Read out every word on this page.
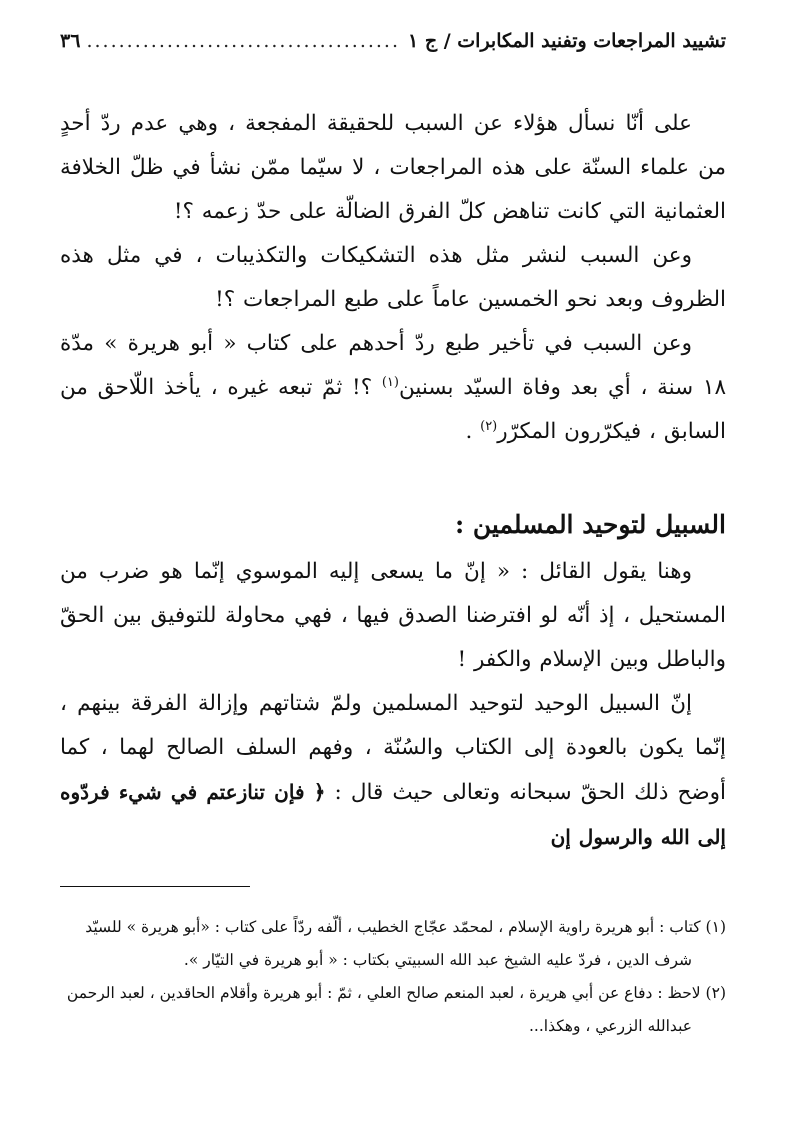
تشييد المراجعات وتفنيد المكابرات / ج ١
.....
٣٦

على أنّا نسأل هؤلاء عن السبب للحقيقة المفجعة ، وهي عدم ردّ أحدٍ من علماء السنّة على هذه المراجعات ، لا سيّما ممّن نشأ في ظلّ الخلافة العثمانية التي كانت تناهض كلّ الفرق الضالّة على حدّ زعمه ؟!

وعن السبب لنشر مثل هذه التشكيكات والتكذيبات ، في مثل هذه الظروف وبعد نحو الخمسين عاماً على طبع المراجعات ؟!

وعن السبب في تأخير طبع ردّ أحدهم على كتاب « أبو هريرة » مدّة ١٨ سنة ، أي بعد وفاة السيّد بسنين$^{(١)}$ ؟! ثمّ تبعه غيره ، يأخذ اللّاحق من السابق ، فيكرّرون المكرّر$^{(٢)}$ .

السبيل لتوحيد المسلمين :

وهنا يقول القائل : « إنّ ما يسعى إليه الموسوي إنّما هو ضرب من المستحيل ، إذ أنّه لو افترضنا الصدق فيها ، فهي محاولة للتوفيق بين الحقّ والباطل وبين الإسلام والكفر !

إنّ السبيل الوحيد لتوحيد المسلمين ولمّ شتاتهم وإزالة الفرقة بينهم ، إنّما يكون بالعودة إلى الكتاب والسُنّة ، وفهم السلف الصالح لهما ، كما أوضح ذلك الحقّ سبحانه وتعالى حيث قال : ﴿ فإن تنازعتم في شيء فردّوه إلى الله والرسول إن

(١) كتاب : أبو هريرة راوية الإسلام ، لمحمّد عجّاج الخطيب ، ألّفه ردّاً على كتاب : «أبو هريرة » للسيّد

شرف الدين ، فردّ عليه الشيخ عبد الله السبيتي بكتاب : « أبو هريرة في التيّار ».

(٢) لاحظ : دفاع عن أبي هريرة ، لعبد المنعم صالح العلي ، ثمّ : أبو هريرة وأقلام الحاقدين ، لعبد الرحمن

عبدالله الزرعي ، وهكذا...
